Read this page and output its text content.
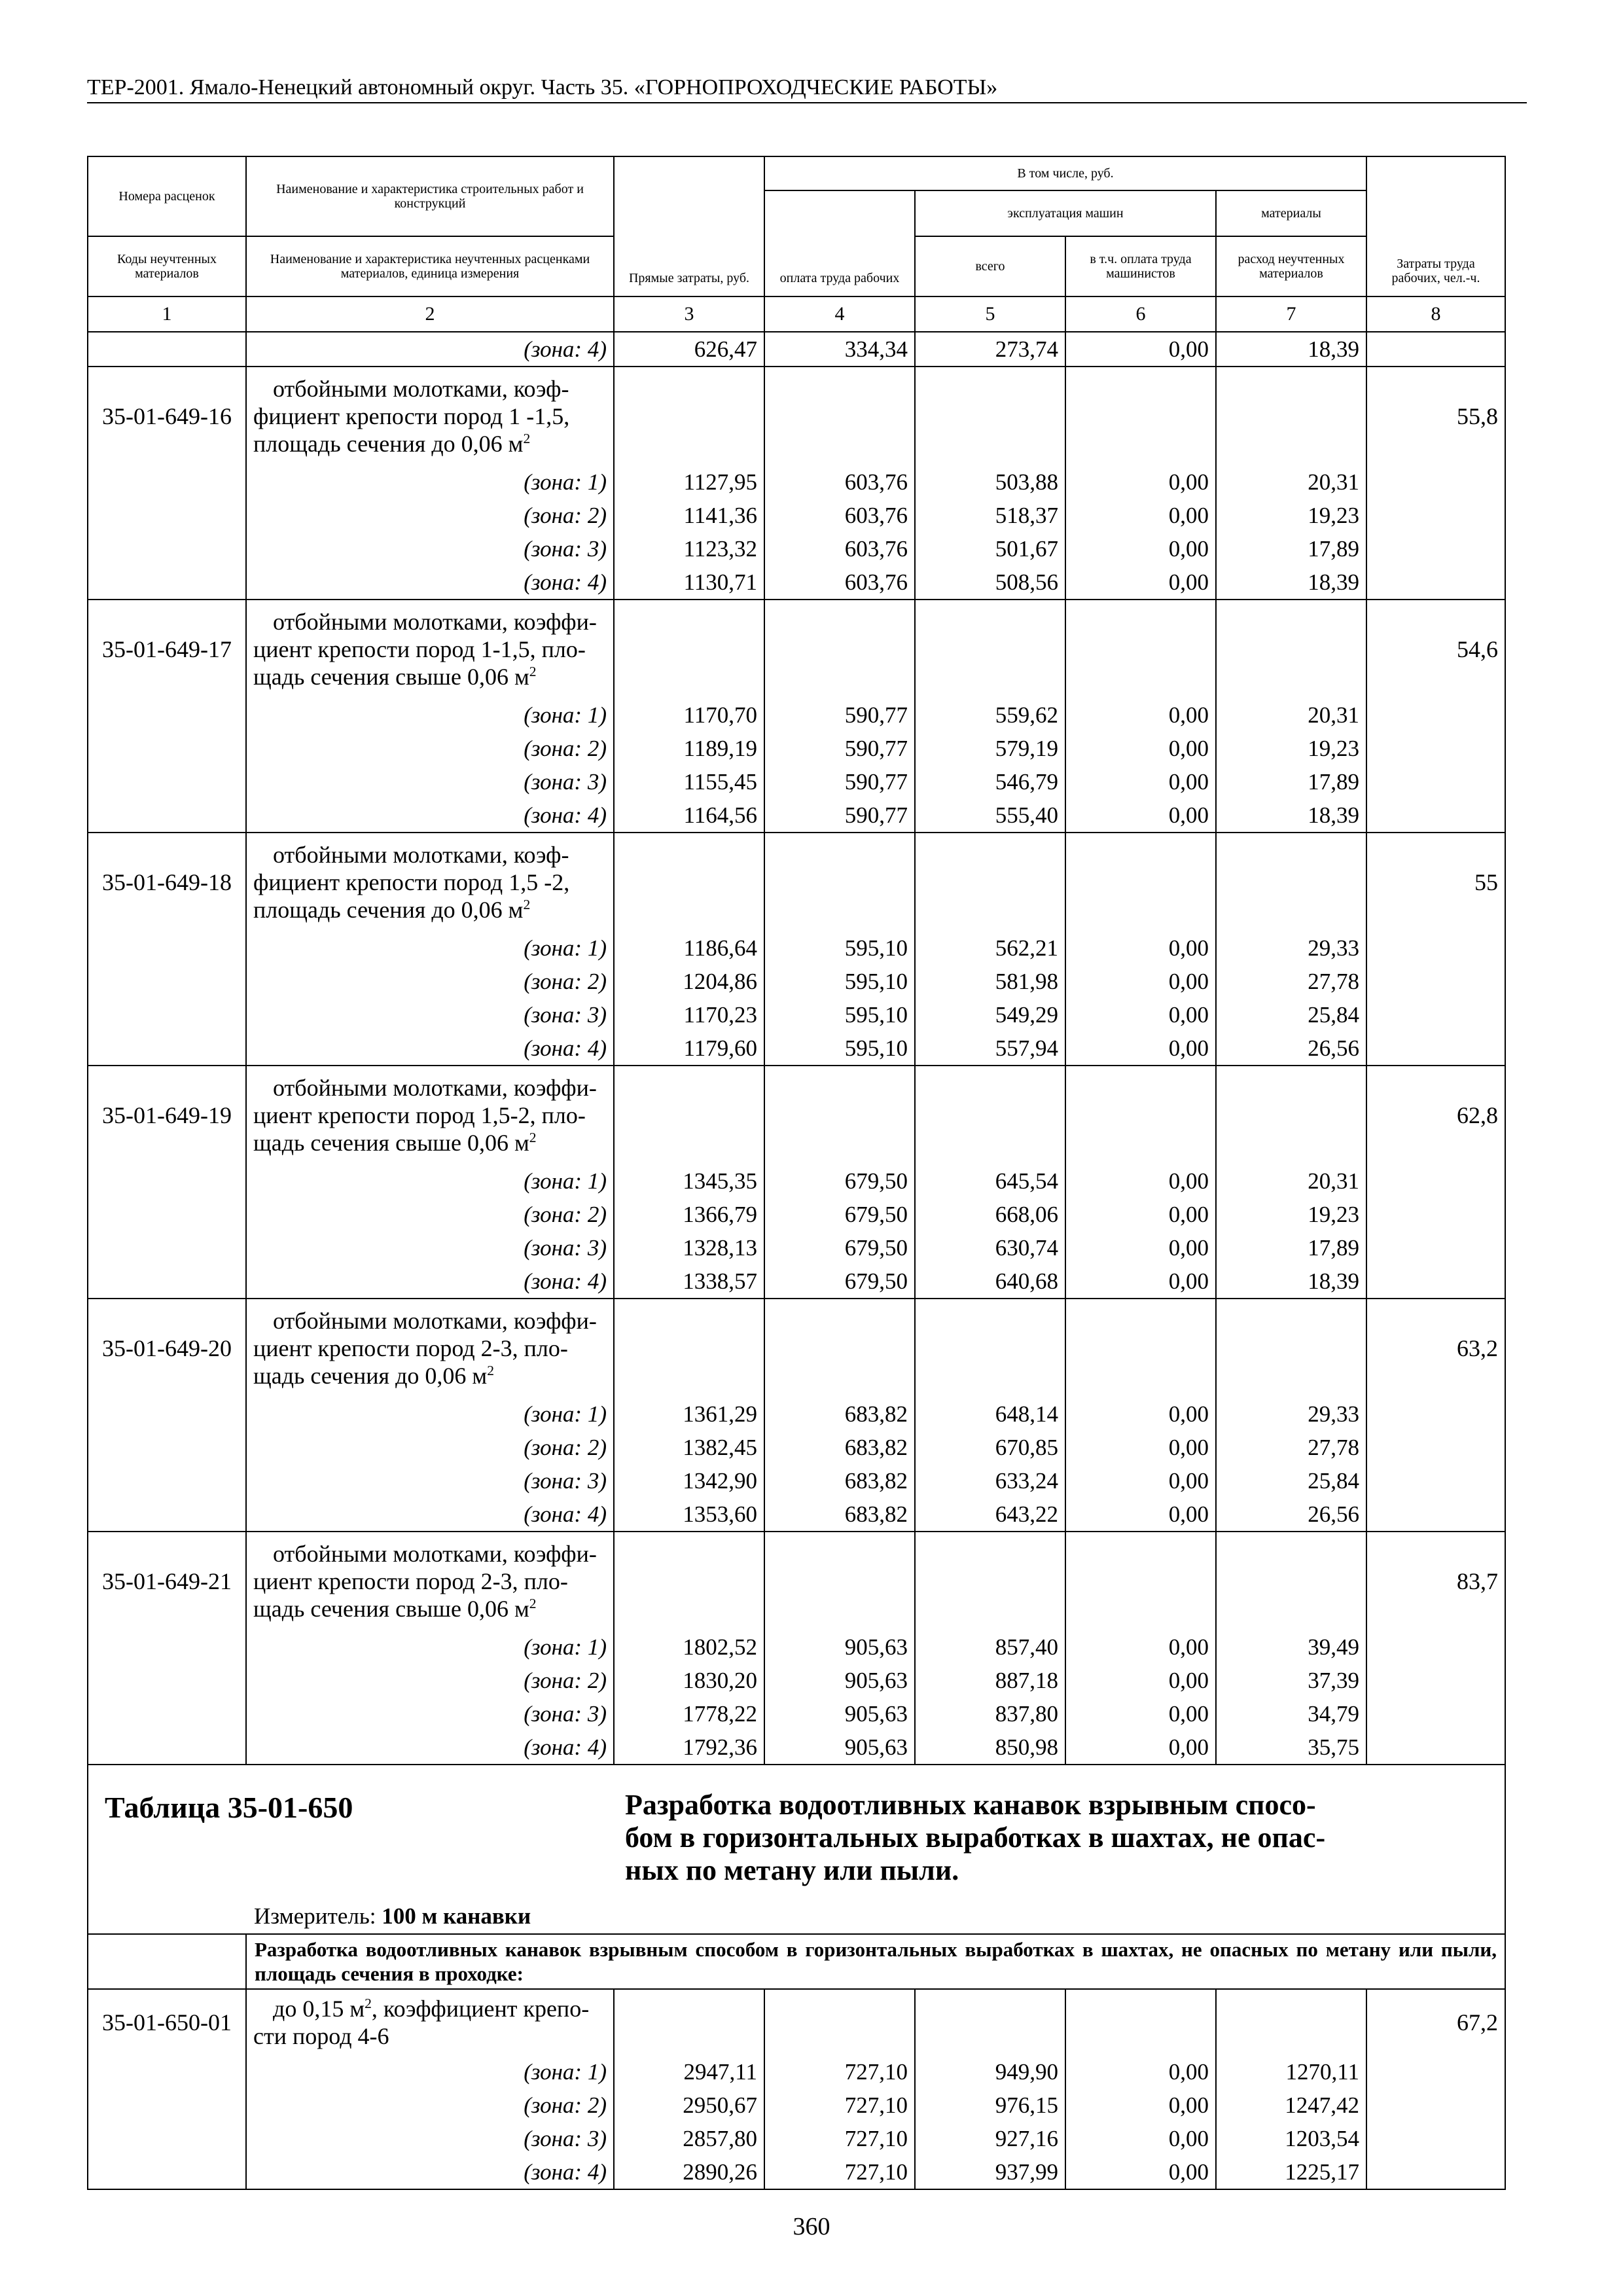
ТЕР-2001. Ямало-Ненецкий автономный округ. Часть 35. «ГОРНОПРОХОДЧЕСКИЕ РАБОТЫ»
Номера расценок	Наименование и характеристика строительных работ и конструкций	Прямые затраты, руб.	В том числе, руб.				Затраты труда рабочих, чел.-ч.
			оплата труда рабочих	эксплуатация машин		материалы	
Коды неучтенных материалов	Наименование и характеристика неучтенных расценками материалов, единица измерения			всего	в т.ч. оплата труда машинистов	расход неучтенных материалов	

1	2	3	4	5	6	7	8
	(зона: 4)	626,47	334,34	273,74	0,00	18,39	
35-01-649-16	отбойными молотками, коэф-
фициент крепости пород 1 -1,5,
площадь сечения до 0,06 $м^2$						55,8
	(зона: 1)	1127,95	603,76	503,88	0,00	20,31	
	(зона: 2)	1141,36	603,76	518,37	0,00	19,23	
	(зона: 3)	1123,32	603,76	501,67	0,00	17,89	
	(зона: 4)	1130,71	603,76	508,56	0,00	18,39	
35-01-649-17	отбойными молотками, коэффи-
циент крепости пород 1-1,5, пло-
щадь сечения свыше 0,06 $м^2$						54,6
	(зона: 1)	1170,70	590,77	559,62	0,00	20,31	
	(зона: 2)	1189,19	590,77	579,19	0,00	19,23	
	(зона: 3)	1155,45	590,77	546,79	0,00	17,89	
	(зона: 4)	1164,56	590,77	555,40	0,00	18,39	
35-01-649-18	отбойными молотками, коэф-
фициент крепости пород 1,5 -2,
площадь сечения до 0,06 $м^2$						55
	(зона: 1)	1186,64	595,10	562,21	0,00	29,33	
	(зона: 2)	1204,86	595,10	581,98	0,00	27,78	
	(зона: 3)	1170,23	595,10	549,29	0,00	25,84	
	(зона: 4)	1179,60	595,10	557,94	0,00	26,56	
35-01-649-19	отбойными молотками, коэффи-
циент крепости пород 1,5-2, пло-
щадь сечения свыше 0,06 $м^2$						62,8
	(зона: 1)	1345,35	679,50	645,54	0,00	20,31	
	(зона: 2)	1366,79	679,50	668,06	0,00	19,23	
	(зона: 3)	1328,13	679,50	630,74	0,00	17,89	
	(зона: 4)	1338,57	679,50	640,68	0,00	18,39	
35-01-649-20	отбойными молотками, коэффи-
циент крепости пород 2-3, пло-
щадь сечения до 0,06 $м^2$						63,2
	(зона: 1)	1361,29	683,82	648,14	0,00	29,33	
	(зона: 2)	1382,45	683,82	670,85	0,00	27,78	
	(зона: 3)	1342,90	683,82	633,24	0,00	25,84	
	(зона: 4)	1353,60	683,82	643,22	0,00	26,56	
35-01-649-21	отбойными молотками, коэффи-
циент крепости пород 2-3, пло-
щадь сечения свыше 0,06 $м^2$						83,7
	(зона: 1)	1802,52	905,63	857,40	0,00	39,49	
	(зона: 2)	1830,20	905,63	887,18	0,00	37,39	
	(зона: 3)	1778,22	905,63	837,80	0,00	34,79	
	(зона: 4)	1792,36	905,63	850,98	0,00	35,75	

Таблица 35-01-650 Разработка водоотливных канавок взрывным спосо-
бом в горизонтальных выработках в шахтах, не опас-
ных по метану или пыли.							

	Измеритель: 100 м канавки						
	Разработка водоотливных канавок взрывным способом в горизонтальных выработках в шахтах, не опасных по метану или пыли, площадь сечения в проходке:						
35-01-650-01	до 0,15 $м^2$, коэффициент крепо-
сти пород 4-6						67,2
	(зона: 1)	2947,11	727,10	949,90	0,00	1270,11	
	(зона: 2)	2950,67	727,10	976,15	0,00	1247,42	
	(зона: 3)	2857,80	727,10	927,16	0,00	1203,54	
	(зона: 4)	2890,26	727,10	937,99	0,00	1225,17	
360
